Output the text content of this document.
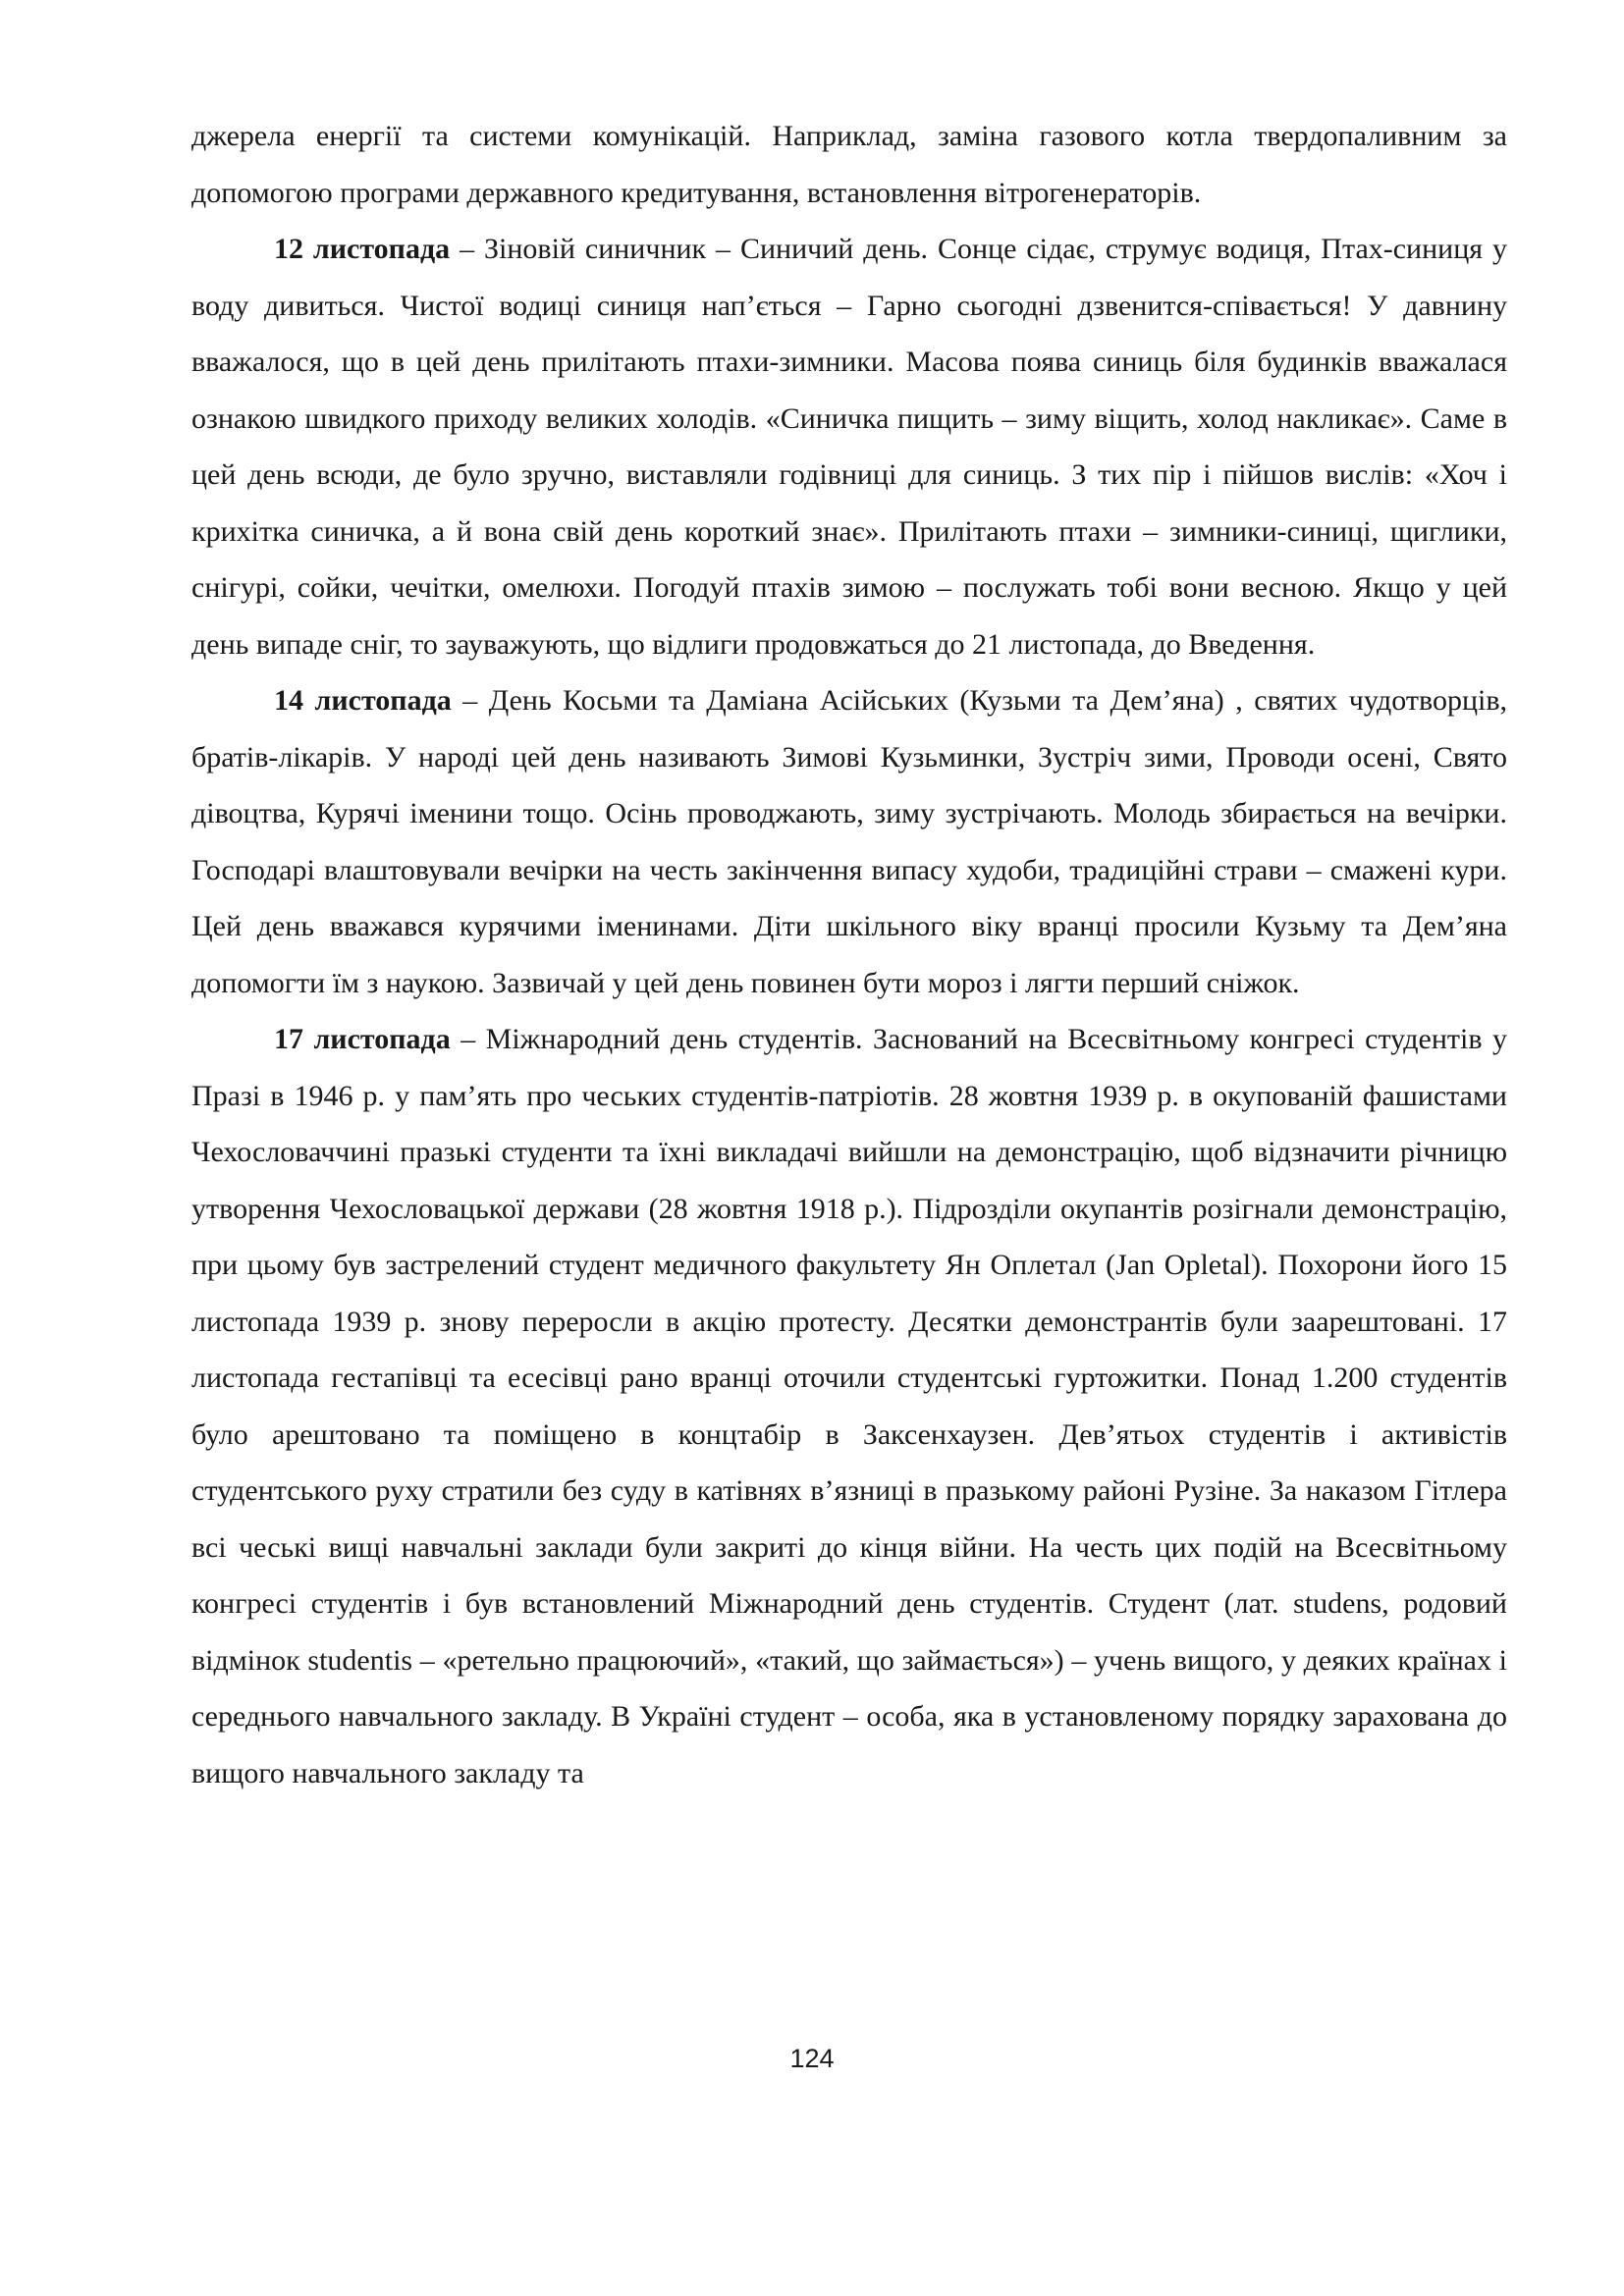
джерела енергії та системи комунікацій. Наприклад, заміна газового котла твердопаливним за допомогою програми державного кредитування, встановлення вітрогенераторів.

12 листопада – Зіновій синичник – Синичий день. Сонце сідає, струмує водиця, Птах-синиця у воду дивиться. Чистої водиці синиця нап’ється – Гарно сьогодні дзвенится-співається! У давнину вважалося, що в цей день прилітають птахи-зимники. Масова поява синиць біля будинків вважалася ознакою швидкого приходу великих холодів. «Синичка пищить – зиму віщить, холод накликає». Саме в цей день всюди, де було зручно, виставляли годівниці для синиць. З тих пір і пійшов вислів: «Хоч і крихітка синичка, а й вона свій день короткий знає». Прилітають птахи – зимники-синиці, щиглики, снігурі, сойки, чечітки, омелюхи. Погодуй птахів зимою – послужать тобі вони весною. Якщо у цей день випаде сніг, то зауважують, що відлиги продовжаться до 21 листопада, до Введення.

14 листопада – День Косьми та Даміана Асійських (Кузьми та Дем’яна) , святих чудотворців, братів-лікарів. У народі цей день називають Зимові Кузьминки, Зустріч зими, Проводи осені, Свято дівоцтва, Курячі іменини тощо. Осінь проводжають, зиму зустрічають. Молодь збирається на вечірки. Господарі влаштовували вечірки на честь закінчення випасу худоби, традиційні страви – смажені кури. Цей день вважався курячими іменинами. Діти шкільного віку вранці просили Кузьму та Дем’яна допомогти їм з наукою. Зазвичай у цей день повинен бути мороз і лягти перший сніжок.

17 листопада – Міжнародний день студентів. Заснований на Всесвітньому конгресі студентів у Празі в 1946 р. у пам’ять про чеських студентів-патріотів. 28 жовтня 1939 р. в окупованій фашистами Чехословаччині празькі студенти та їхні викладачі вийшли на демонстрацію, щоб відзначити річницю утворення Чехословацької держави (28 жовтня 1918 р.). Підрозділи окупантів розігнали демонстрацію, при цьому був застрелений студент медичного факультету Ян Оплетал (Jan Opletal). Похорони його 15 листопада 1939 р. знову переросли в акцію протесту. Десятки демонстрантів були заарештовані. 17 листопада гестапівці та есесівці рано вранці оточили студентські гуртожитки. Понад 1.200 студентів було арештовано та поміщено в концтабір в Заксенхаузен. Дев’ятьох студентів і активістів студентського руху стратили без суду в катівнях в’язниці в празькому районі Рузіне. За наказом Гітлера всі чеські вищі навчальні заклади були закриті до кінця війни. На честь цих подій на Всесвітньому конгресі студентів і був встановлений Міжнародний день студентів. Студент (лат. studens, родовий відмінок studentis – «ретельно працюючий», «такий, що займається») – учень вищого, у деяких країнах і середнього навчального закладу. В Україні студент – особа, яка в установленому порядку зарахована до вищого навчального закладу та

124
